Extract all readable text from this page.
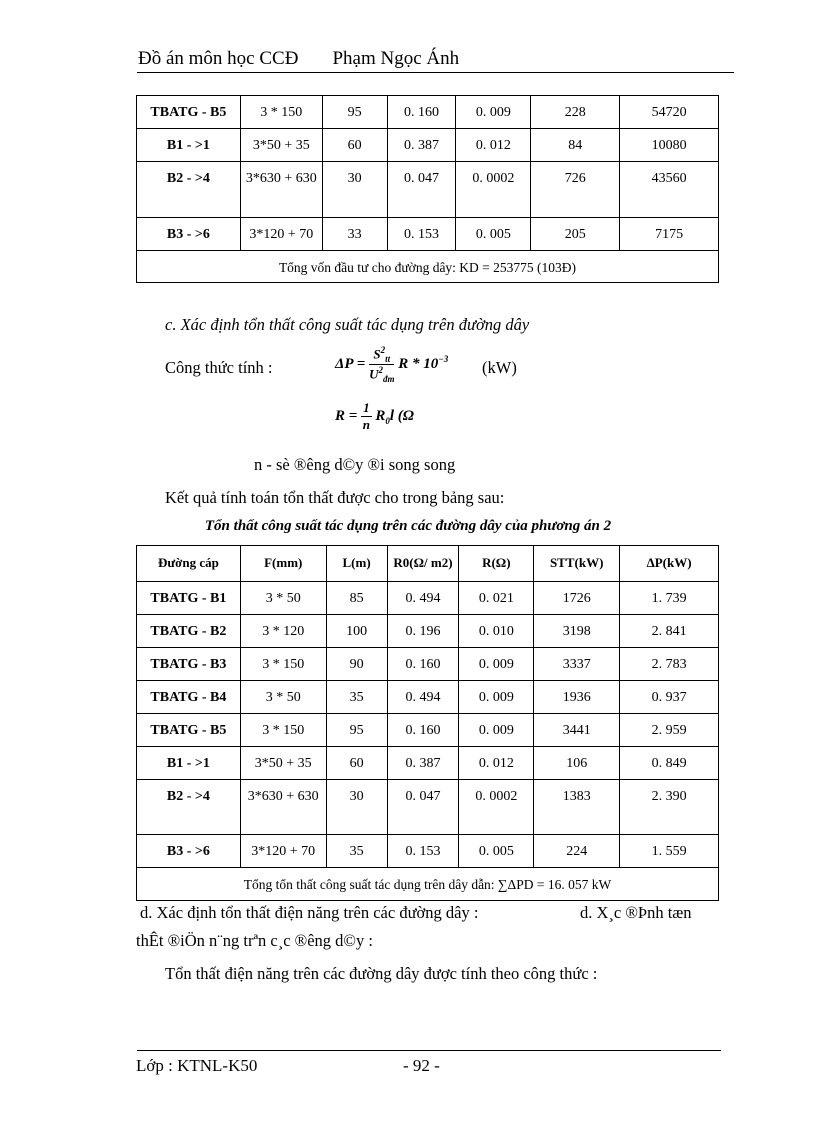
Đồ án môn học CCĐ Phạm Ngọc Ánh
TBATG - B5	3 * 150	95	0. 160	0. 009	228	54720
B1 - >1	3*50 + 35	60	0. 387	0. 012	84	10080
B2 - >4	3*630 + 630	30	0. 047	0. 0002	726	43560
B3 - >6	3*120 + 70	33	0. 153	0. 005	205	7175
Tổng vốn đầu tư cho đường dây: KD = 253775 (103Đ)						
c. Xác định tổn thất công suất tác dụng trên đường dây
Công thức tính :	$\Delta P = \frac{S^2_{tt}}{U^2_{đm}}$ R * $10^{-3}$ (kW)
$R = \frac{1}{n} R_0l$ (Ω
n - sè ®êng d©y ®i song song
Kết quả tính toán tổn thất được cho trong bảng sau:
Tổn thất công suất tác dụng trên các đường dây của phương án 2
Đường cáp	F(mm)	L(m)	R0(Ω/ m2)	R(Ω)	STT(kW)	ΔP(kW)
TBATG - B1	3 * 50	85	0. 494	0. 021	1726	1. 739
TBATG - B2	3 * 120	100	0. 196	0. 010	3198	2. 841
TBATG - B3	3 * 150	90	0. 160	0. 009	3337	2. 783
TBATG - B4	3 * 50	35	0. 494	0. 009	1936	0. 937
TBATG - B5	3 * 150	95	0. 160	0. 009	3441	2. 959
B1 - >1	3*50 + 35	60	0. 387	0. 012	106	0. 849
B2 - >4	3*630 + 630	30	0. 047	0. 0002	1383	2. 390
B3 - >6	3*120 + 70	35	0. 153	0. 005	224	1. 559
Tổng tổn thất công suất tác dụng trên dây dẫn: ∑ΔPD = 16. 057 kW						
d. Xác định tổn thất điện năng trên các đường dây :	d. X¸c ®Þnh tæn
thÊt ®iÖn n¨ng trªn c¸c ®êng d©y :
Tổn thất điện năng trên các đường dây được tính theo công thức :
Lớp : KTNL-K50	- 92 -
